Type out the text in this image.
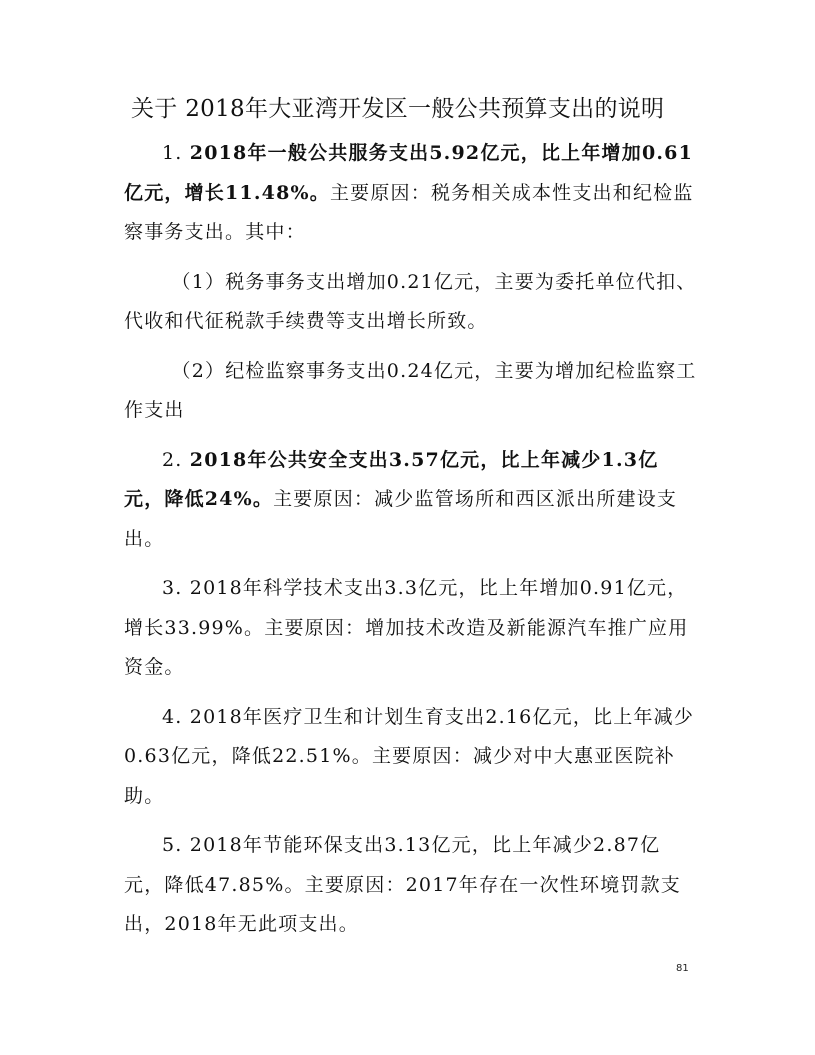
关于 2018年大亚湾开发区一般公共预算支出的说明

1. 2018年一般公共服务支出5.92亿元，比上年增加0.61亿元，增长11.48%。主要原因：税务相关成本性支出和纪检监察事务支出。其中：

（1）税务事务支出增加0.21亿元，主要为委托单位代扣、代收和代征税款手续费等支出增长所致。

（2）纪检监察事务支出0.24亿元，主要为增加纪检监察工作支出

2. 2018年公共安全支出3.57亿元，比上年减少1.3亿元，降低24%。主要原因：减少监管场所和西区派出所建设支出。

3. 2018年科学技术支出3.3亿元，比上年增加0.91亿元，增长33.99%。主要原因：增加技术改造及新能源汽车推广应用资金。

4. 2018年医疗卫生和计划生育支出2.16亿元，比上年减少0.63亿元，降低22.51%。主要原因：减少对中大惠亚医院补助。

5. 2018年节能环保支出3.13亿元，比上年减少2.87亿元，降低47.85%。主要原因：2017年存在一次性环境罚款支出，2018年无此项支出。

81
